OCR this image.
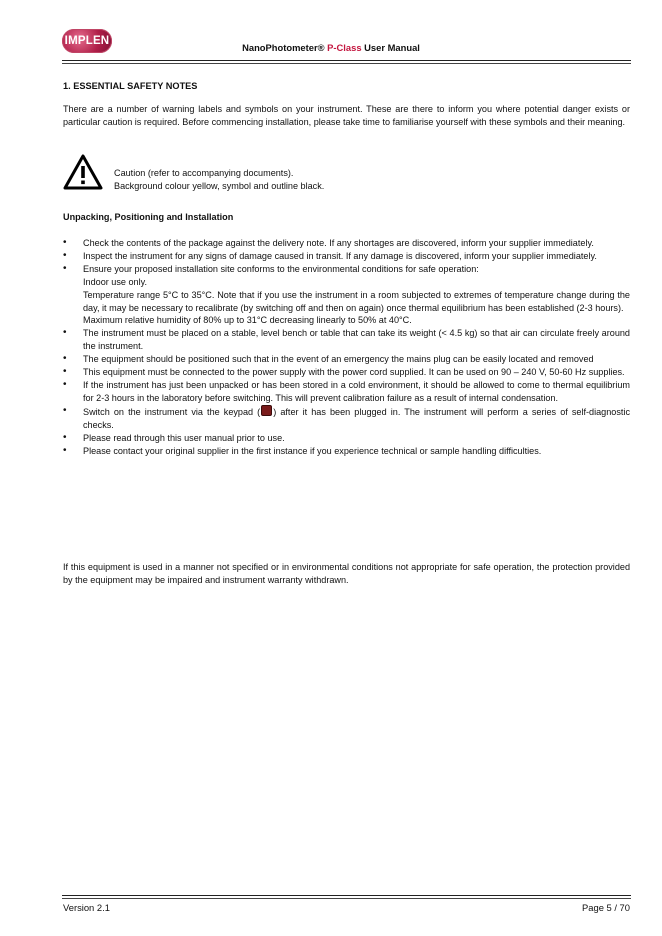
IMPLEN
NanoPhotometer® P-Class User Manual
1. ESSENTIAL SAFETY NOTES
There are a number of warning labels and symbols on your instrument. These are there to inform you where potential danger exists or particular caution is required. Before commencing installation, please take time to familiarise yourself with these symbols and their meaning.
Caution (refer to accompanying documents).
Background colour yellow, symbol and outline black.
Unpacking, Positioning and Installation
• Check the contents of the package against the delivery note. If any shortages are discovered, inform your supplier immediately.
• Inspect the instrument for any signs of damage caused in transit. If any damage is discovered, inform your supplier immediately.
• Ensure your proposed installation site conforms to the environmental conditions for safe operation:
Indoor use only.
Temperature range 5°C to 35°C. Note that if you use the instrument in a room subjected to extremes of temperature change during the day, it may be necessary to recalibrate (by switching off and then on again) once thermal equilibrium has been established (2-3 hours).
Maximum relative humidity of 80% up to 31°C decreasing linearly to 50% at 40°C.
• The instrument must be placed on a stable, level bench or table that can take its weight (< 4.5 kg) so that air can circulate freely around the instrument.
• The equipment should be positioned such that in the event of an emergency the mains plug can be easily located and removed
• This equipment must be connected to the power supply with the power cord supplied. It can be used on 90 – 240 V, 50-60 Hz supplies.
• If the instrument has just been unpacked or has been stored in a cold environment, it should be allowed to come to thermal equilibrium for 2-3 hours in the laboratory before switching. This will prevent calibration failure as a result of internal condensation.
• Switch on the instrument via the keypad ( ) after it has been plugged in. The instrument will perform a series of self-diagnostic checks.
• Please read through this user manual prior to use.
• Please contact your original supplier in the first instance if you experience technical or sample handling difficulties.
If this equipment is used in a manner not specified or in environmental conditions not appropriate for safe operation, the protection provided by the equipment may be impaired and instrument warranty withdrawn.
Version 2.1	Page 5 / 70
